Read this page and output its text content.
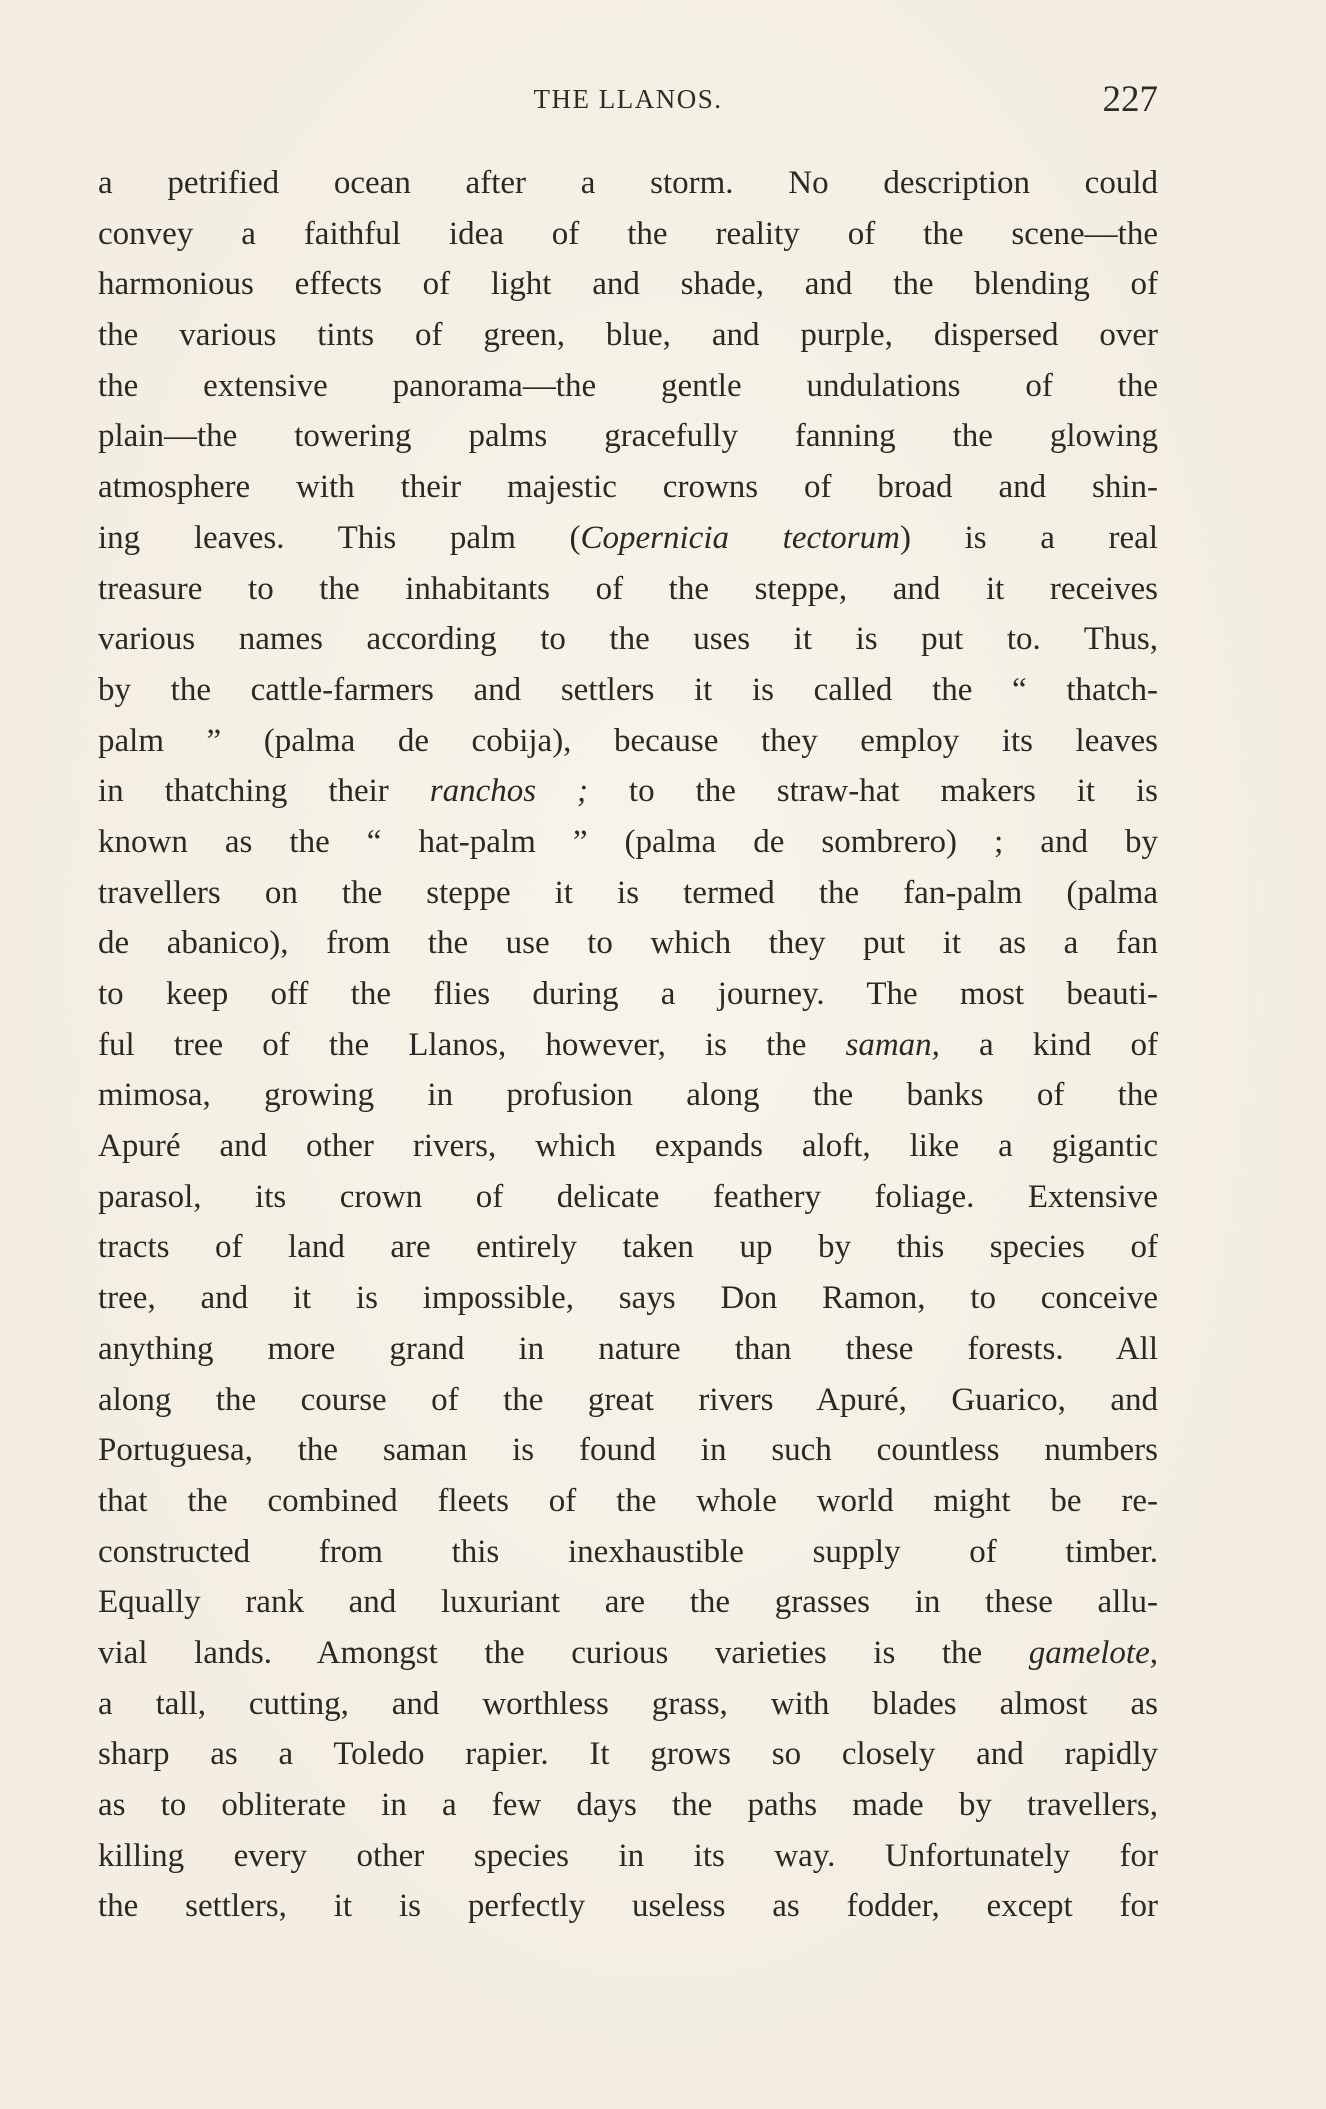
THE LLANOS.	227
a petrified ocean after a storm. No description could
convey a faithful idea of the reality of the scene—the
harmonious effects of light and shade, and the blending of
the various tints of green, blue, and purple, dispersed over
the extensive panorama—the gentle undulations of the
plain—the towering palms gracefully fanning the glowing
atmosphere with their majestic crowns of broad and shin-
ing leaves. This palm (Copernicia tectorum) is a real
treasure to the inhabitants of the steppe, and it receives
various names according to the uses it is put to. Thus,
by the cattle-farmers and settlers it is called the “ thatch-
palm ” (palma de cobija), because they employ its leaves
in thatching their ranchos ; to the straw-hat makers it is
known as the “ hat-palm ” (palma de sombrero) ; and by
travellers on the steppe it is termed the fan-palm (palma
de abanico), from the use to which they put it as a fan
to keep off the flies during a journey. The most beauti-
ful tree of the Llanos, however, is the saman, a kind of
mimosa, growing in profusion along the banks of the
Apuré and other rivers, which expands aloft, like a gigantic
parasol, its crown of delicate feathery foliage. Extensive
tracts of land are entirely taken up by this species of
tree, and it is impossible, says Don Ramon, to conceive
anything more grand in nature than these forests. All
along the course of the great rivers Apuré, Guarico, and
Portuguesa, the saman is found in such countless numbers
that the combined fleets of the whole world might be re-
constructed from this inexhaustible supply of timber.
Equally rank and luxuriant are the grasses in these allu-
vial lands. Amongst the curious varieties is the gamelote,
a tall, cutting, and worthless grass, with blades almost as
sharp as a Toledo rapier. It grows so closely and rapidly
as to obliterate in a few days the paths made by travellers,
killing every other species in its way. Unfortunately for
the settlers, it is perfectly useless as fodder, except for
